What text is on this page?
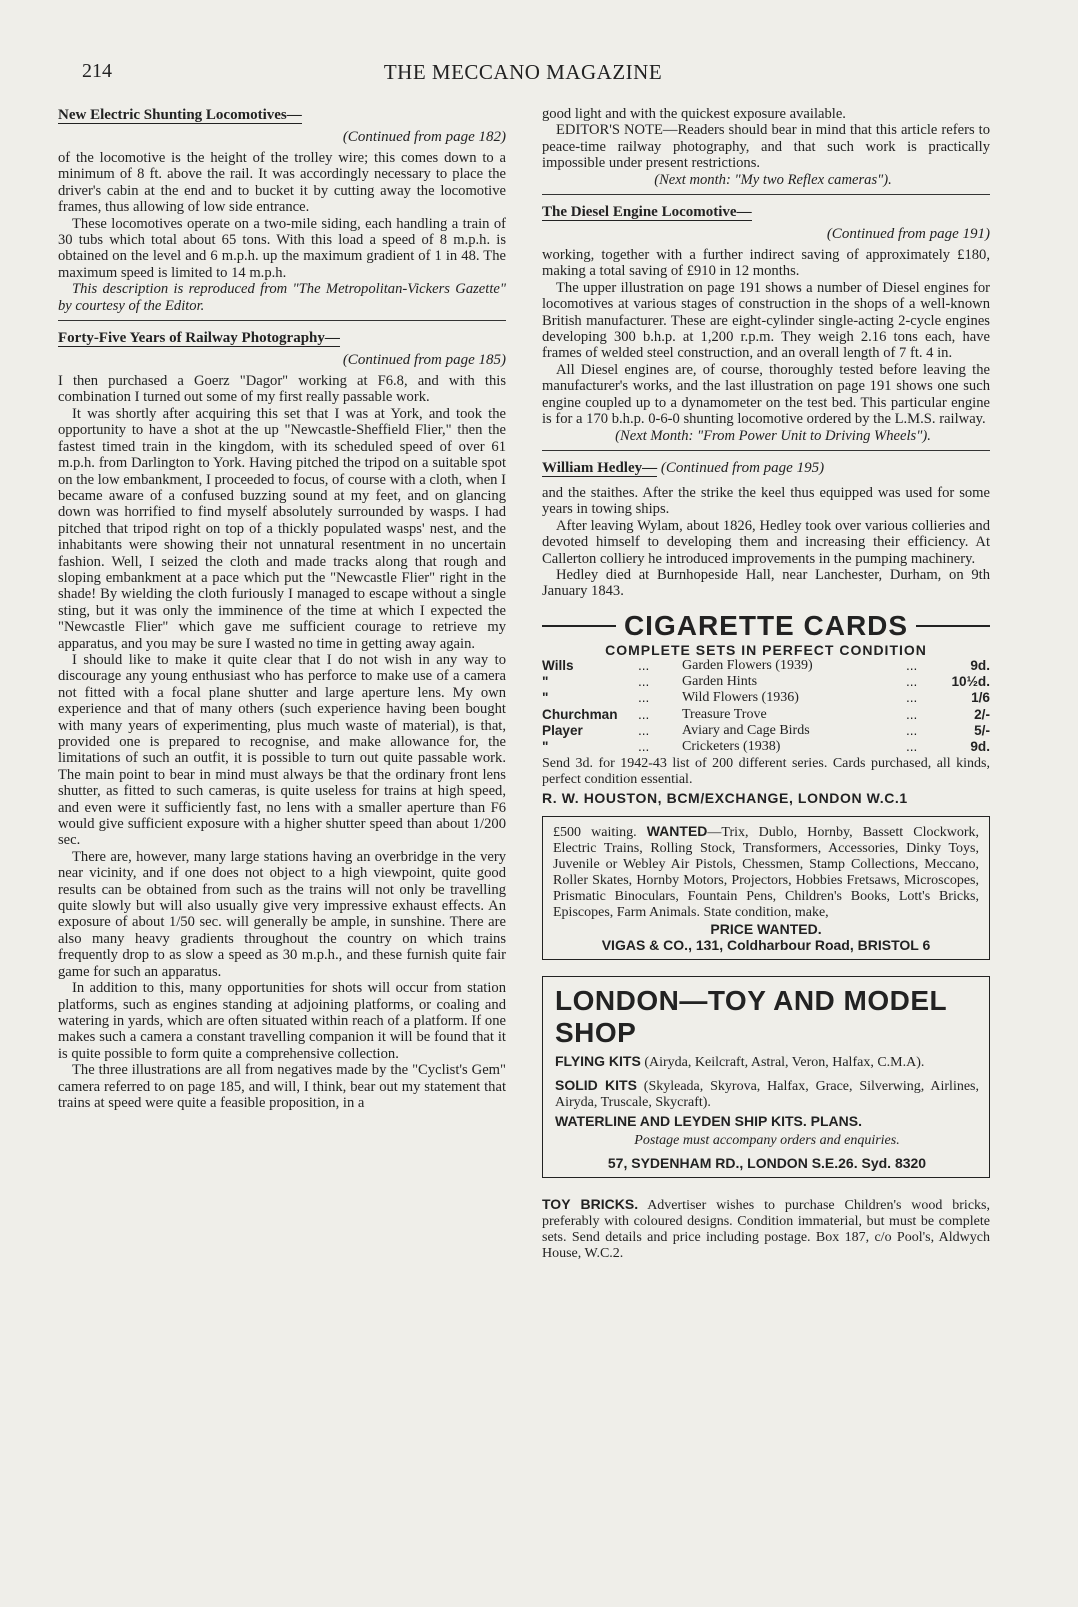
214	THE MECCANO MAGAZINE
New Electric Shunting Locomotives—
(Continued from page 182)

of the locomotive is the height of the trolley wire; this comes down to a minimum of 8 ft. above the rail. It was accordingly necessary to place the driver's cabin at the end and to bucket it by cutting away the locomotive frames, thus allowing of low side entrance.

These locomotives operate on a two-mile siding, each handling a train of 30 tubs which total about 65 tons. With this load a speed of 8 m.p.h. is obtained on the level and 6 m.p.h. up the maximum gradient of 1 in 48. The maximum speed is limited to 14 m.p.h.

This description is reproduced from "The Metropolitan-Vickers Gazette" by courtesy of the Editor.

Forty-Five Years of Railway Photography—
(Continued from page 185)

I then purchased a Goerz "Dagor" working at F6.8, and with this combination I turned out some of my first really passable work.

It was shortly after acquiring this set that I was at York, and took the opportunity to have a shot at the up "Newcastle-Sheffield Flier," then the fastest timed train in the kingdom, with its scheduled speed of over 61 m.p.h. from Darlington to York. Having pitched the tripod on a suitable spot on the low embankment, I proceeded to focus, of course with a cloth, when I became aware of a confused buzzing sound at my feet, and on glancing down was horrified to find myself absolutely surrounded by wasps. I had pitched that tripod right on top of a thickly populated wasps' nest, and the inhabitants were showing their not unnatural resentment in no uncertain fashion. Well, I seized the cloth and made tracks along that rough and sloping embankment at a pace which put the "Newcastle Flier" right in the shade! By wielding the cloth furiously I managed to escape without a single sting, but it was only the imminence of the time at which I expected the "Newcastle Flier" which gave me sufficient courage to retrieve my apparatus, and you may be sure I wasted no time in getting away again.

I should like to make it quite clear that I do not wish in any way to discourage any young enthusiast who has perforce to make use of a camera not fitted with a focal plane shutter and large aperture lens. My own experience and that of many others (such experience having been bought with many years of experimenting, plus much waste of material), is that, provided one is prepared to recognise, and make allowance for, the limitations of such an outfit, it is possible to turn out quite passable work. The main point to bear in mind must always be that the ordinary front lens shutter, as fitted to such cameras, is quite useless for trains at high speed, and even were it sufficiently fast, no lens with a smaller aperture than F6 would give sufficient exposure with a higher shutter speed than about 1/200 sec.

There are, however, many large stations having an overbridge in the very near vicinity, and if one does not object to a high viewpoint, quite good results can be obtained from such as the trains will not only be travelling quite slowly but will also usually give very impressive exhaust effects. An exposure of about 1/50 sec. will generally be ample, in sunshine. There are also many heavy gradients throughout the country on which trains frequently drop to as slow a speed as 30 m.p.h., and these furnish quite fair game for such an apparatus.

In addition to this, many opportunities for shots will occur from station platforms, such as engines standing at adjoining platforms, or coaling and watering in yards, which are often situated within reach of a platform. If one makes such a camera a constant travelling companion it will be found that it is quite possible to form quite a comprehensive collection.

The three illustrations are all from negatives made by the "Cyclist's Gem" camera referred to on page 185, and will, I think, bear out my statement that trains at speed were quite a feasible proposition, in a

good light and with the quickest exposure available.

EDITOR'S NOTE—Readers should bear in mind that this article refers to peace-time railway photography, and that such work is practically impossible under present restrictions.

(Next month: "My two Reflex cameras").

The Diesel Engine Locomotive—
(Continued from page 191)

working, together with a further indirect saving of approximately £180, making a total saving of £910 in 12 months.

The upper illustration on page 191 shows a number of Diesel engines for locomotives at various stages of construction in the shops of a well-known British manufacturer. These are eight-cylinder single-acting 2-cycle engines developing 300 b.h.p. at 1,200 r.p.m. They weigh 2.16 tons each, have frames of welded steel construction, and an overall length of 7 ft. 4 in.

All Diesel engines are, of course, thoroughly tested before leaving the manufacturer's works, and the last illustration on page 191 shows one such engine coupled up to a dynamometer on the test bed. This particular engine is for a 170 b.h.p. 0-6-0 shunting locomotive ordered by the L.M.S. railway.

(Next Month: "From Power Unit to Driving Wheels").

William Hedley— (Continued from page 195)

and the staithes. After the strike the keel thus equipped was used for some years in towing ships.

After leaving Wylam, about 1826, Hedley took over various collieries and devoted himself to developing them and increasing their efficiency. At Callerton colliery he introduced improvements in the pumping machinery.

Hedley died at Burnhopeside Hall, near Lanchester, Durham, on 9th January 1843.

CIGARETTE CARDS
COMPLETE SETS IN PERFECT CONDITION
Wills	...	Garden Flowers (1939)	...	9d.
"	...	Garden Hints	...	10½d.
"	...	Wild Flowers (1936)	...	1/6
Churchman	...	Treasure Trove	...	2/-
Player	...	Aviary and Cage Birds	...	5/-
"	...	Cricketers (1938)	...	9d.
Send 3d. for 1942-43 list of 200 different series. Cards purchased, all kinds, perfect condition essential.
R. W. HOUSTON, BCM/EXCHANGE, LONDON W.C.1

£500 waiting. WANTED—Trix, Dublo, Hornby, Bassett Clockwork, Electric Trains, Rolling Stock, Transformers, Accessories, Dinky Toys, Juvenile or Webley Air Pistols, Chessmen, Stamp Collections, Meccano, Roller Skates, Hornby Motors, Projectors, Hobbies Fretsaws, Microscopes, Prismatic Binoculars, Fountain Pens, Children's Books, Lott's Bricks, Episcopes, Farm Animals. State condition, make,

PRICE WANTED.

VIGAS & CO., 131, Coldharbour Road, BRISTOL 6

LONDON—TOY AND MODEL SHOP

FLYING KITS (Airyda, Keilcraft, Astral, Veron, Halfax, C.M.A).

SOLID KITS (Skyleada, Skyrova, Halfax, Grace, Silverwing, Airlines, Airyda, Truscale, Skycraft).

WATERLINE AND LEYDEN SHIP KITS. PLANS.

Postage must accompany orders and enquiries.

57, SYDENHAM RD., LONDON S.E.26. Syd. 8320

TOY BRICKS. Advertiser wishes to purchase Children's wood bricks, preferably with coloured designs. Condition immaterial, but must be complete sets. Send details and price including postage. Box 187, c/o Pool's, Aldwych House, W.C.2.
